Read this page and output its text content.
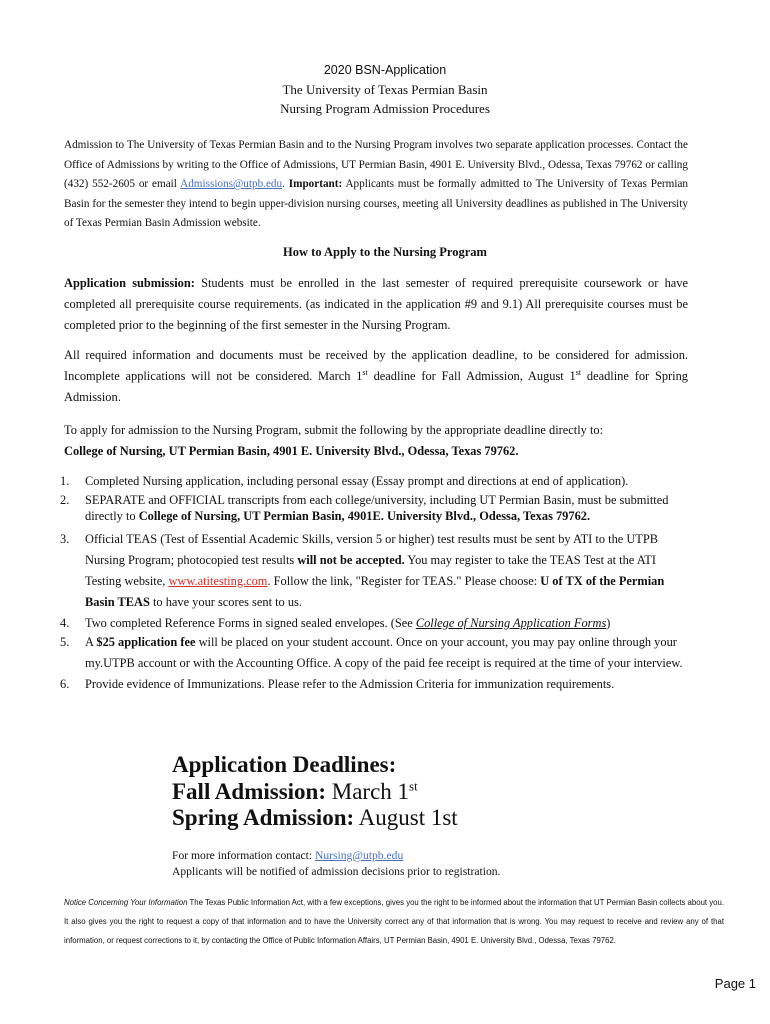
2020 BSN-Application
The University of Texas Permian Basin
Nursing Program Admission Procedures
Admission to The University of Texas Permian Basin and to the Nursing Program involves two separate application processes. Contact the Office of Admissions by writing to the Office of Admissions, UT Permian Basin, 4901 E. University Blvd., Odessa, Texas 79762 or calling (432) 552-2605 or email Admissions@utpb.edu. Important: Applicants must be formally admitted to The University of Texas Permian Basin for the semester they intend to begin upper-division nursing courses, meeting all University deadlines as published in The University of Texas Permian Basin Admission website.
How to Apply to the Nursing Program
Application submission: Students must be enrolled in the last semester of required prerequisite coursework or have completed all prerequisite course requirements. (as indicated in the application #9 and 9.1) All prerequisite courses must be completed prior to the beginning of the first semester in the Nursing Program.
All required information and documents must be received by the application deadline, to be considered for admission. Incomplete applications will not be considered. March 1st deadline for Fall Admission, August 1st deadline for Spring Admission.
To apply for admission to the Nursing Program, submit the following by the appropriate deadline directly to:
College of Nursing, UT Permian Basin, 4901 E. University Blvd., Odessa, Texas 79762.
1. Completed Nursing application, including personal essay (Essay prompt and directions at end of application).
2. SEPARATE and OFFICIAL transcripts from each college/university, including UT Permian Basin, must be submitted directly to College of Nursing, UT Permian Basin, 4901E. University Blvd., Odessa, Texas 79762.
3. Official TEAS (Test of Essential Academic Skills, version 5 or higher) test results must be sent by ATI to the UTPB Nursing Program; photocopied test results will not be accepted. You may register to take the TEAS Test at the ATI Testing website, www.atitesting.com. Follow the link, "Register for TEAS." Please choose: U of TX of the Permian Basin TEAS to have your scores sent to us.
4. Two completed Reference Forms in signed sealed envelopes. (See College of Nursing Application Forms)
5. A $25 application fee will be placed on your student account. Once on your account, you may pay online through your my.UTPB account or with the Accounting Office. A copy of the paid fee receipt is required at the time of your interview.
6. Provide evidence of Immunizations. Please refer to the Admission Criteria for immunization requirements.
Application Deadlines:
Fall Admission: March 1st
Spring Admission: August 1st
For more information contact: Nursing@utpb.edu
Applicants will be notified of admission decisions prior to registration.
Notice Concerning Your Information The Texas Public Information Act, with a few exceptions, gives you the right to be informed about the information that UT Permian Basin collects about you. It also gives you the right to request a copy of that information and to have the University correct any of that information that is wrong. You may request to receive and review any of that information, or request corrections to it, by contacting the Office of Public Information Affairs, UT Permian Basin, 4901 E. University Blvd., Odessa, Texas 79762.
Page 1
